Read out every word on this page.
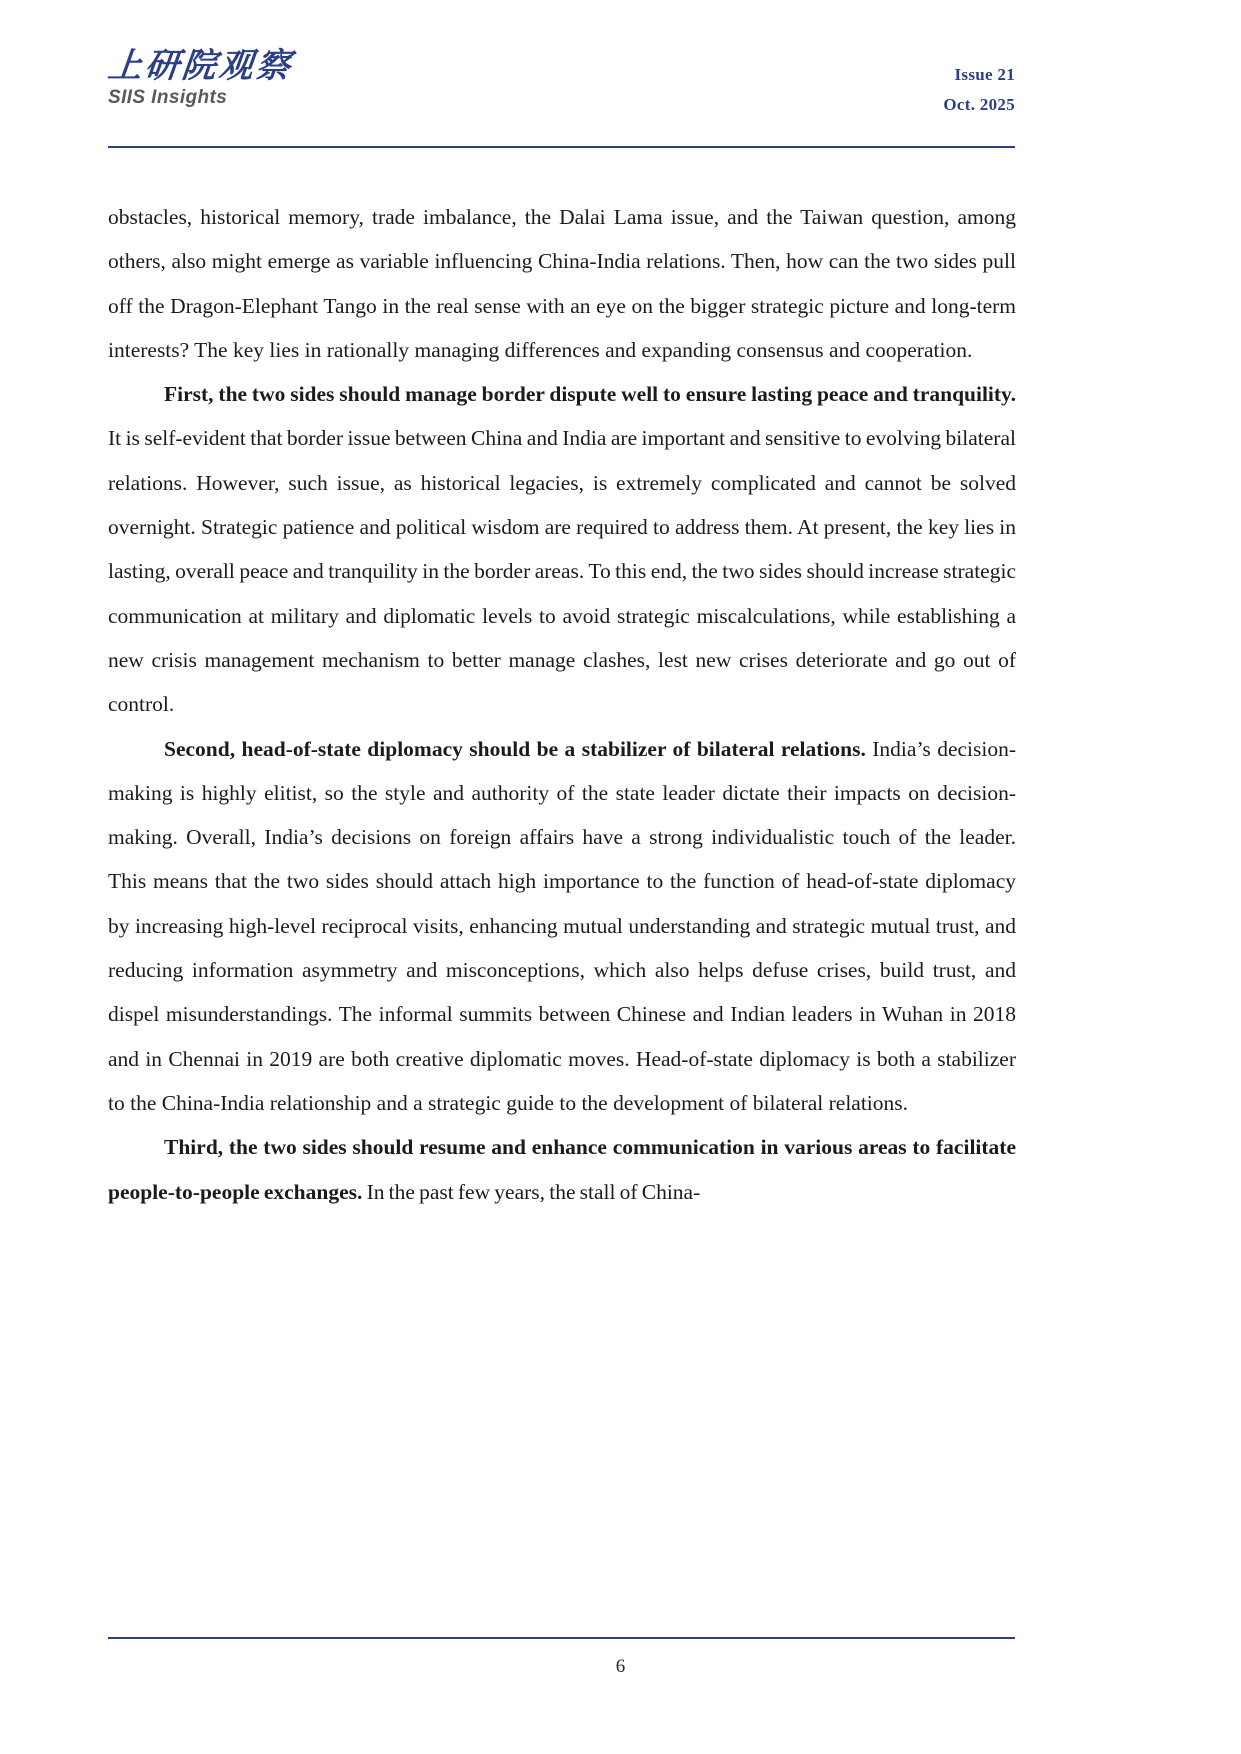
上研院观察
SIIS Insights
Issue 21
Oct. 2025

obstacles, historical memory, trade imbalance, the Dalai Lama issue, and the Taiwan question, among others, also might emerge as variable influencing China-India relations. Then, how can the two sides pull off the Dragon-Elephant Tango in the real sense with an eye on the bigger strategic picture and long-term interests? The key lies in rationally managing differences and expanding consensus and cooperation.

First, the two sides should manage border dispute well to ensure lasting peace and tranquility. It is self-evident that border issue between China and India are important and sensitive to evolving bilateral relations. However, such issue, as historical legacies, is extremely complicated and cannot be solved overnight. Strategic patience and political wisdom are required to address them. At present, the key lies in lasting, overall peace and tranquility in the border areas. To this end, the two sides should increase strategic communication at military and diplomatic levels to avoid strategic miscalculations, while establishing a new crisis management mechanism to better manage clashes, lest new crises deteriorate and go out of control.

Second, head-of-state diplomacy should be a stabilizer of bilateral relations. India’s decision-making is highly elitist, so the style and authority of the state leader dictate their impacts on decision-making. Overall, India’s decisions on foreign affairs have a strong individualistic touch of the leader. This means that the two sides should attach high importance to the function of head-of-state diplomacy by increasing high-level reciprocal visits, enhancing mutual understanding and strategic mutual trust, and reducing information asymmetry and misconceptions, which also helps defuse crises, build trust, and dispel misunderstandings. The informal summits between Chinese and Indian leaders in Wuhan in 2018 and in Chennai in 2019 are both creative diplomatic moves. Head-of-state diplomacy is both a stabilizer to the China-India relationship and a strategic guide to the development of bilateral relations.

Third, the two sides should resume and enhance communication in various areas to facilitate people-to-people exchanges. In the past few years, the stall of China-

6
